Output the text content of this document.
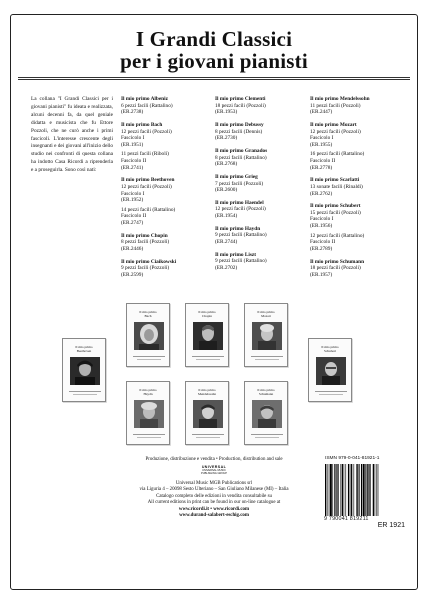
I Grandi Classici
per i giovani pianisti
La collana "I Grandi Classici per i giovani pianisti" fu ideata e realizzata, alcuni decenni fa, da quel geniale didatta e musicista che fu Ettore Pozzoli, che ne curò anche i primi fascicoli. L'interesse crescente degli insegnanti e dei giovani all'inizio dello studio nei confronti di questa collana ha indotto Casa Ricordi a riprenderla e a proseguirla. Sono così nati:
Il mio primo Albeniz
6 pezzi facili (Rattalino)
(ER.2738)
Il mio primo Bach
12 pezzi facili (Pozzoli)
Fascicolo I
(ER.1951)
11 pezzi facili (Riboli)
Fascicolo II
(ER.2741)
Il mio primo Beethoven
12 pezzi facili (Pozzoli)
Fascicolo I
(ER.1952)
14 pezzi facili (Rattalino)
Fascicolo II
(ER.2747)
Il mio primo Chopin
8 pezzi facili (Pozzoli)
(ER.2446)
Il mio primo Ciaikowski
9 pezzi facili (Pozzoli)
(ER.2599)
Il mio primo Clementi
18 pezzi facili (Pozzoli)
(ER.1953)
Il mio primo Debussy
8 pezzi facili (Dennis)
(ER.2730)
Il mio primo Granados
8 pezzi facili (Rattalino)
(ER.2768)
Il mio primo Grieg
7 pezzi facili (Pozzoli)
(ER.2600)
Il mio primo Haendel
12 pezzi facili (Pozzoli)
(ER.1954)
Il mio primo Haydn
9 pezzi facili (Rattalino)
(ER.2744)
Il mio primo Liszt
9 pezzi facili (Rattalino)
(ER.2702)
Il mio primo Mendelssohn
11 pezzi facili (Pozzoli)
(ER.2447)
Il mio primo Mozart
12 pezzi facili (Pozzoli)
Fascicolo I
(ER.1955)
16 pezzi facili (Rattalino)
Fascicolo II
(ER.2778)
Il mio primo Scarlatti
13 sonate facili (Rinaldi)
(ER.2762)
Il mio primo Schubert
15 pezzi facili (Pozzoli)
Fascicolo I
(ER.1956)
12 pezzi facili (Rattalino)
Fascicolo II
(ER.2789)
Il mio primo Schumann
18 pezzi facili (Pozzoli)
(ER.1957)
Il mio primo
Bach
Il mio primo
Chopin
Il mio primo
Mozart
Il mio primo
Beethoven
Il mio primo
Schubert
Il mio primo
Haydn
Il mio primo
Mendelssohn
Il mio primo
Schumann
Produzione, distribuzione e vendita • Production, distribution and sale
UNIVERSAL
UNIVERSAL MUSIC PUBLISHING GROUP
Universal Music MGB Publications srl
via Liguria 4 – 20098 Sesto Ulteriano – San Giuliano Milanese (MI) – Italia
Catalogo completo delle edizioni in vendita consultabile su
All current editions in print can be found in our on-line catalogue at
www.ricordi.it • www.ricordi.com
www.durand-salabert-eschig.com
ISMN 979-0-041-81921-1
9 790041 819211
ER 1921
